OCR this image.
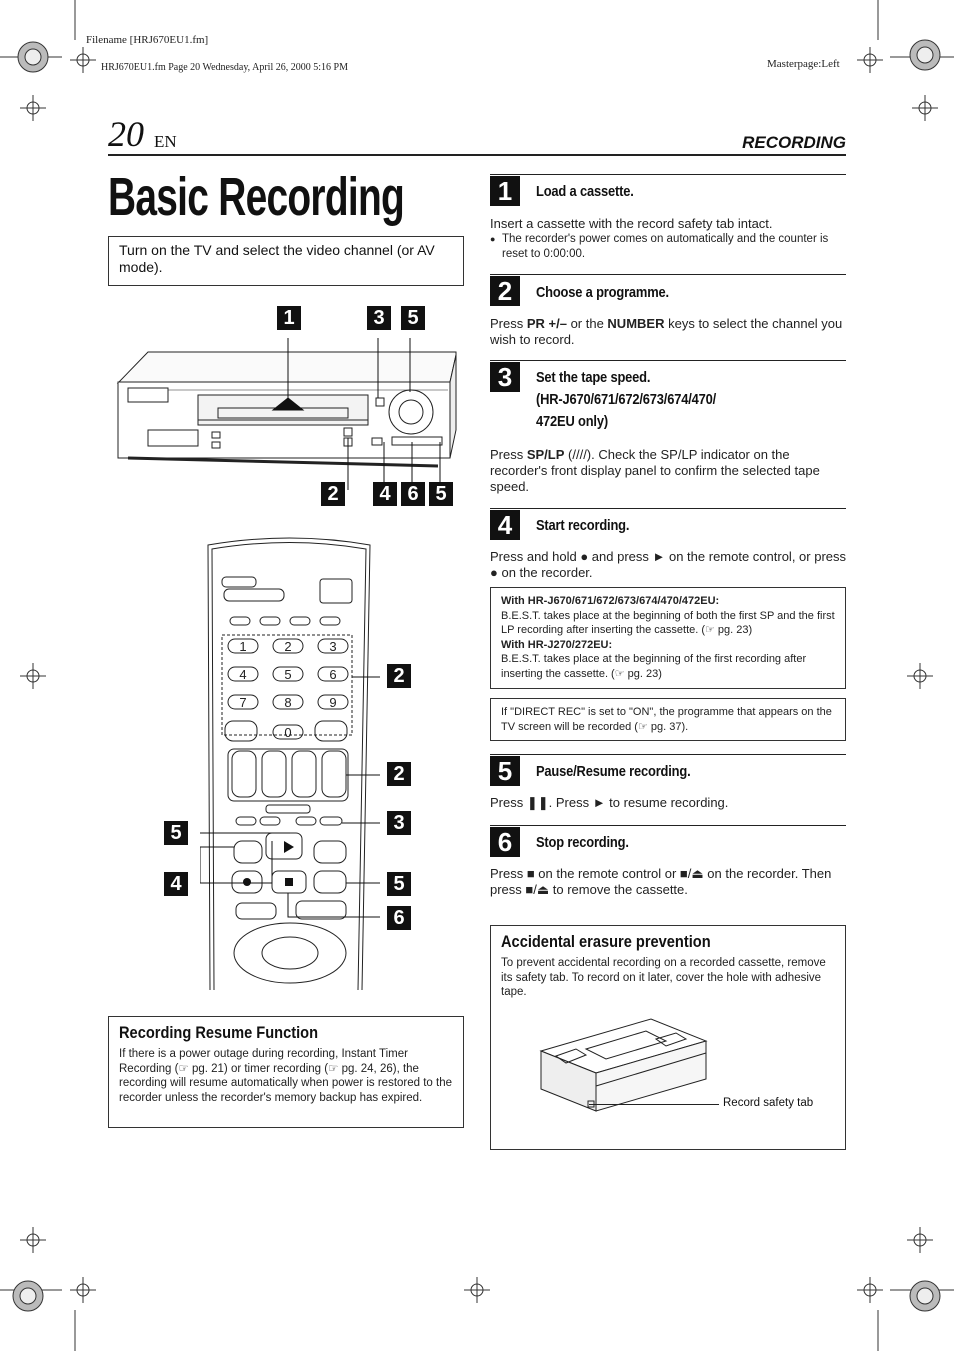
Filename [HRJ670EU1.fm]
HRJ670EU1.fm Page 20 Wednesday, April 26, 2000 5:16 PM	Masterpage:Left
20 EN	RECORDING
Basic Recording
Turn on the TV and select the video channel (or AV mode).
1	3	5
2	4 6 5
1	2	3
4	5	6
7	8	9
0
2
2
3
5
4	5
6
Recording Resume Function
If there is a power outage during recording, Instant Timer Recording (☞ pg. 21) or timer recording (☞ pg. 24, 26), the recording will resume automatically when power is restored to the recorder unless the recorder's memory backup has expired.
1	Load a cassette.
Insert a cassette with the record safety tab intact.
● The recorder's power comes on automatically and the counter is reset to 0:00:00.
2	Choose a programme.
Press PR +/– or the NUMBER keys to select the channel you wish to record.
3	Set the tape speed.
(HR-J670/671/672/673/674/470/
472EU only)
Press SP/LP (////). Check the SP/LP indicator on the recorder's front display panel to confirm the selected tape speed.
4	Start recording.
Press and hold ● and press ► on the remote control, or press ● on the recorder.
With HR-J670/671/672/673/674/470/472EU:
B.E.S.T. takes place at the beginning of both the first SP and the first LP recording after inserting the cassette. (☞ pg. 23)
With HR-J270/272EU:
B.E.S.T. takes place at the beginning of the first recording after inserting the cassette. (☞ pg. 23)
If "DIRECT REC" is set to "ON", the programme that appears on the TV screen will be recorded (☞ pg. 37).
5	Pause/Resume recording.
Press ❚❚. Press ► to resume recording.
6	Stop recording.
Press ■ on the remote control or ■/⏏ on the recorder. Then press ■/⏏ to remove the cassette.
Accidental erasure prevention
To prevent accidental recording on a recorded cassette, remove its safety tab. To record on it later, cover the hole with adhesive tape.
Record safety tab
